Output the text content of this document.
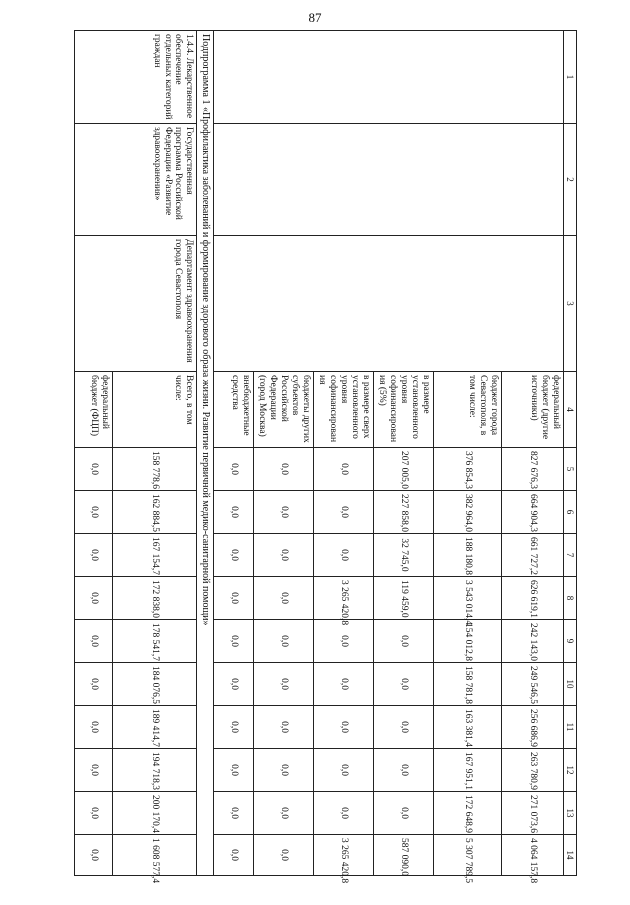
87
1	2	3	4	5	6	7	8	9	10	11	12	13	14
			федеральный бюджет (другие источники)	827 676,3	664 904,3	661 727,2	626 619,1	242 143,0	249 546,5	256 686,9	263 780,9	271 073,6	4 064 157,8
			бюджет города Севастополя, в том числе:	376 854,3	382 964,0	188 180,8	3 543 014,4	154 012,8	158 781,8	163 381,4	167 951,1	172 648,9	5 307 789,5
			в размере установленного уровня софинансирования (5%)	207 005,0	227 858,0	32 745,0	119 459,0	0,0	0,0	0,0	0,0	0,0	587 090,0
			в размере сверх установленного уровня софинансирования	0,0	0,0	0,0	3 265 420,8	0,0	0,0	0,0	0,0	0,0	3 265 420,8
			бюджеты других субъектов Российской Федерации (город Москва)	0,0	0,0	0,0	0,0	0,0	0,0	0,0	0,0	0,0	0,0
			внебюджетные средства	0,0	0,0	0,0	0,0	0,0	0,0	0,0	0,0	0,0	0,0
Подпрограмма 1 «Профилактика заболеваний и формирование здорового образа жизни. Развитие первичной медико-санитарной помощи»													
1.4.4. Лекарственное обеспечение отдельных категорий граждан	Государственная программа Российской Федерации «Развитие здравоохранения»	Департамент здравоохранения города Севастополя	Всего, в том числе:	158 778,6	162 884,5	167 154,7	172 838,0	178 541,7	184 076,5	189 414,7	194 718,3	200 170,4	1 608 577,4
			федеральный бюджет (ФЦП)	0,0	0,0	0,0	0,0	0,0	0,0	0,0	0,0	0,0	0,0
